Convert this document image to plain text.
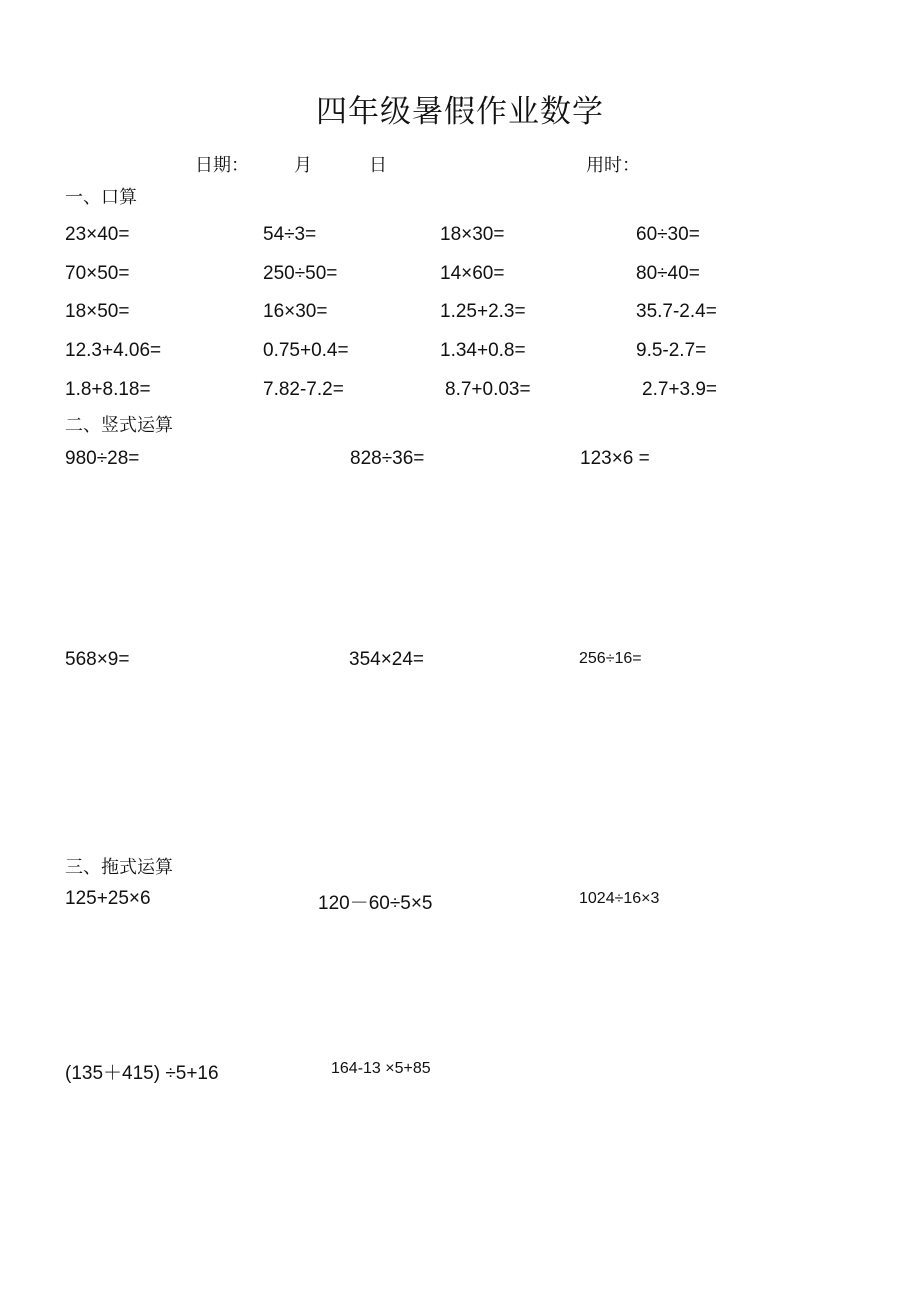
四年级暑假作业数学
日期：	月	日	用时：
一、口算
23×40=	54÷3=	18×30=	60÷30=
70×50=	250÷50=	14×60=	80÷40=
18×50=	16×30=	1.25+2.3=	35.7-2.4=
12.3+4.06=	0.75+0.4=	1.34+0.8=	9.5-2.7=
1.8+8.18=	7.82-7.2=	8.7+0.03=	2.7+3.9=
二、竖式运算
980÷28=	828÷36=	123×6 =
568×9=	354×24=	256÷16=
三、拖式运算
125+25×6	120－60÷5×5	1024÷16×3
(135＋415) ÷5+16	164-13 ×5+85
